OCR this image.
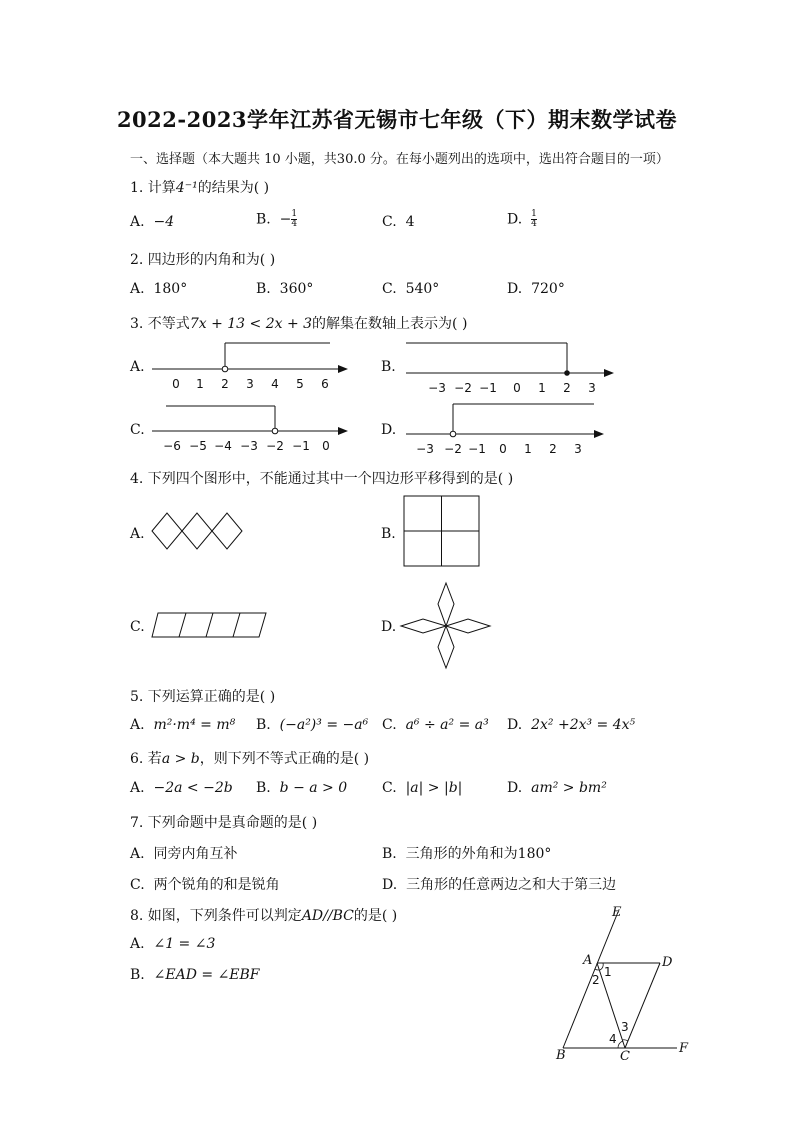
2022-2023学年江苏省无锡市七年级（下）期末数学试卷
一、选择题（本大题共 10 小题，共30.0 分。在每小题列出的选项中，选出符合题目的一项）
1. 计算4⁻¹的结果为( )
A. −4	B. − $\frac{1}{4}$	C. 4	D. $\frac{1}{4}$
2. 四边形的内角和为( )
A. 180°	B. 360°	C. 540°	D. 720°
3. 不等式7x + 13 < 2x + 3的解集在数轴上表示为( )
A.
0 1 2 3 4 5 6
B.
−3 −2 −1 0 1 2 3
C.
−6 −5 −4 −3 −2 −1 0
D.
−3 −2 −1 0 1 2 3
4. 下列四个图形中，不能通过其中一个四边形平移得到的是( )
A.	B.
C.	D.
5. 下列运算正确的是( )
A. m²·m⁴ = m⁸ B. (−a²)³ = −a⁶ C. a⁶ ÷ a² = a³ D. 2x² +2x³ = 4x⁵
6. 若a > b，则下列不等式正确的是( )
A. −2a < −2b B. b − a > 0 C. |a| > |b|	D. am² > bm²
7. 下列命题中是真命题的是( )
A. 同旁内角互补	B. 三角形的外角和为180°
C. 两个锐角的和是锐角	D. 三角形的任意两边之和大于第三边
8. 如图，下列条件可以判定AD//BC的是( )
A. ∠1 = ∠3
B. ∠EAD = ∠EBF
E
A	D
B	C
F
1
2
3
4
